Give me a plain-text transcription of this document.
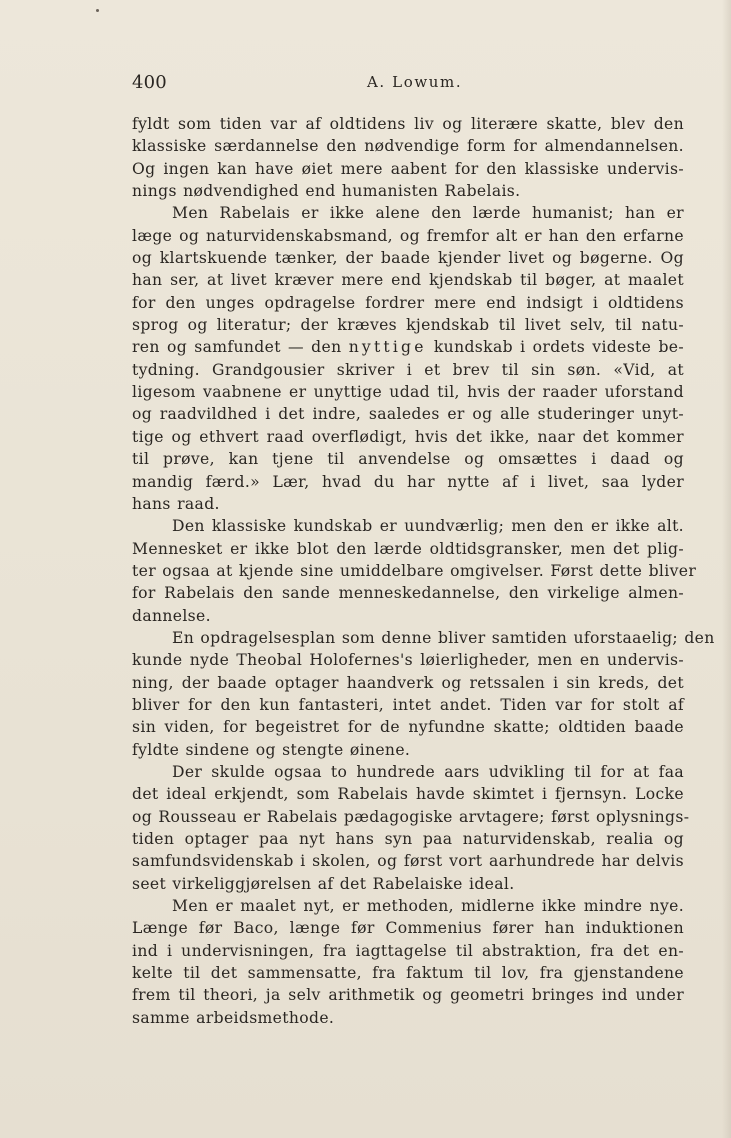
400	A. Lowum.
fyldt som tiden var af oldtidens liv og literære skatte, blev den
klassiske særdannelse den nødvendige form for almendannelsen.
Og ingen kan have øiet mere aabent for den klassiske undervis-
nings nødvendighed end humanisten Rabelais.
Men Rabelais er ikke alene den lærde humanist; han er
læge og naturvidenskabsmand, og fremfor alt er han den erfarne
og klartskuende tænker, der baade kjender livet og bøgerne. Og
han ser, at livet kræver mere end kjendskab til bøger, at maalet
for den unges opdragelse fordrer mere end indsigt i oldtidens
sprog og literatur; der kræves kjendskab til livet selv, til natu-
ren og samfundet — den nyttige kundskab i ordets videste be-
tydning. Grandgousier skriver i et brev til sin søn. «Vid, at
ligesom vaabnene er unyttige udad til, hvis der raader uforstand
og raadvildhed i det indre, saaledes er og alle studeringer unyt-
tige og ethvert raad overflødigt, hvis det ikke, naar det kommer
til prøve, kan tjene til anvendelse og omsættes i daad og
mandig færd.» Lær, hvad du har nytte af i livet, saa lyder
hans raad.
Den klassiske kundskab er uundværlig; men den er ikke alt.
Mennesket er ikke blot den lærde oldtidsgransker, men det plig-
ter ogsaa at kjende sine umiddelbare omgivelser. Først dette bliver
for Rabelais den sande menneskedannelse, den virkelige almen-
dannelse.
En opdragelsesplan som denne bliver samtiden uforstaaelig; den
kunde nyde Theobal Holofernes's løierligheder, men en undervis-
ning, der baade optager haandverk og retssalen i sin kreds, det
bliver for den kun fantasteri, intet andet. Tiden var for stolt af
sin viden, for begeistret for de nyfundne skatte; oldtiden baade
fyldte sindene og stengte øinene.
Der skulde ogsaa to hundrede aars udvikling til for at faa
det ideal erkjendt, som Rabelais havde skimtet i fjernsyn. Locke
og Rousseau er Rabelais pædagogiske arvtagere; først oplysnings-
tiden optager paa nyt hans syn paa naturvidenskab, realia og
samfundsvidenskab i skolen, og først vort aarhundrede har delvis
seet virkeliggjørelsen af det Rabelaiske ideal.
Men er maalet nyt, er methoden, midlerne ikke mindre nye.
Længe før Baco, længe før Commenius fører han induktionen
ind i undervisningen, fra iagttagelse til abstraktion, fra det en-
kelte til det sammensatte, fra faktum til lov, fra gjenstandene
frem til theori, ja selv arithmetik og geometri bringes ind under
samme arbeidsmethode.
